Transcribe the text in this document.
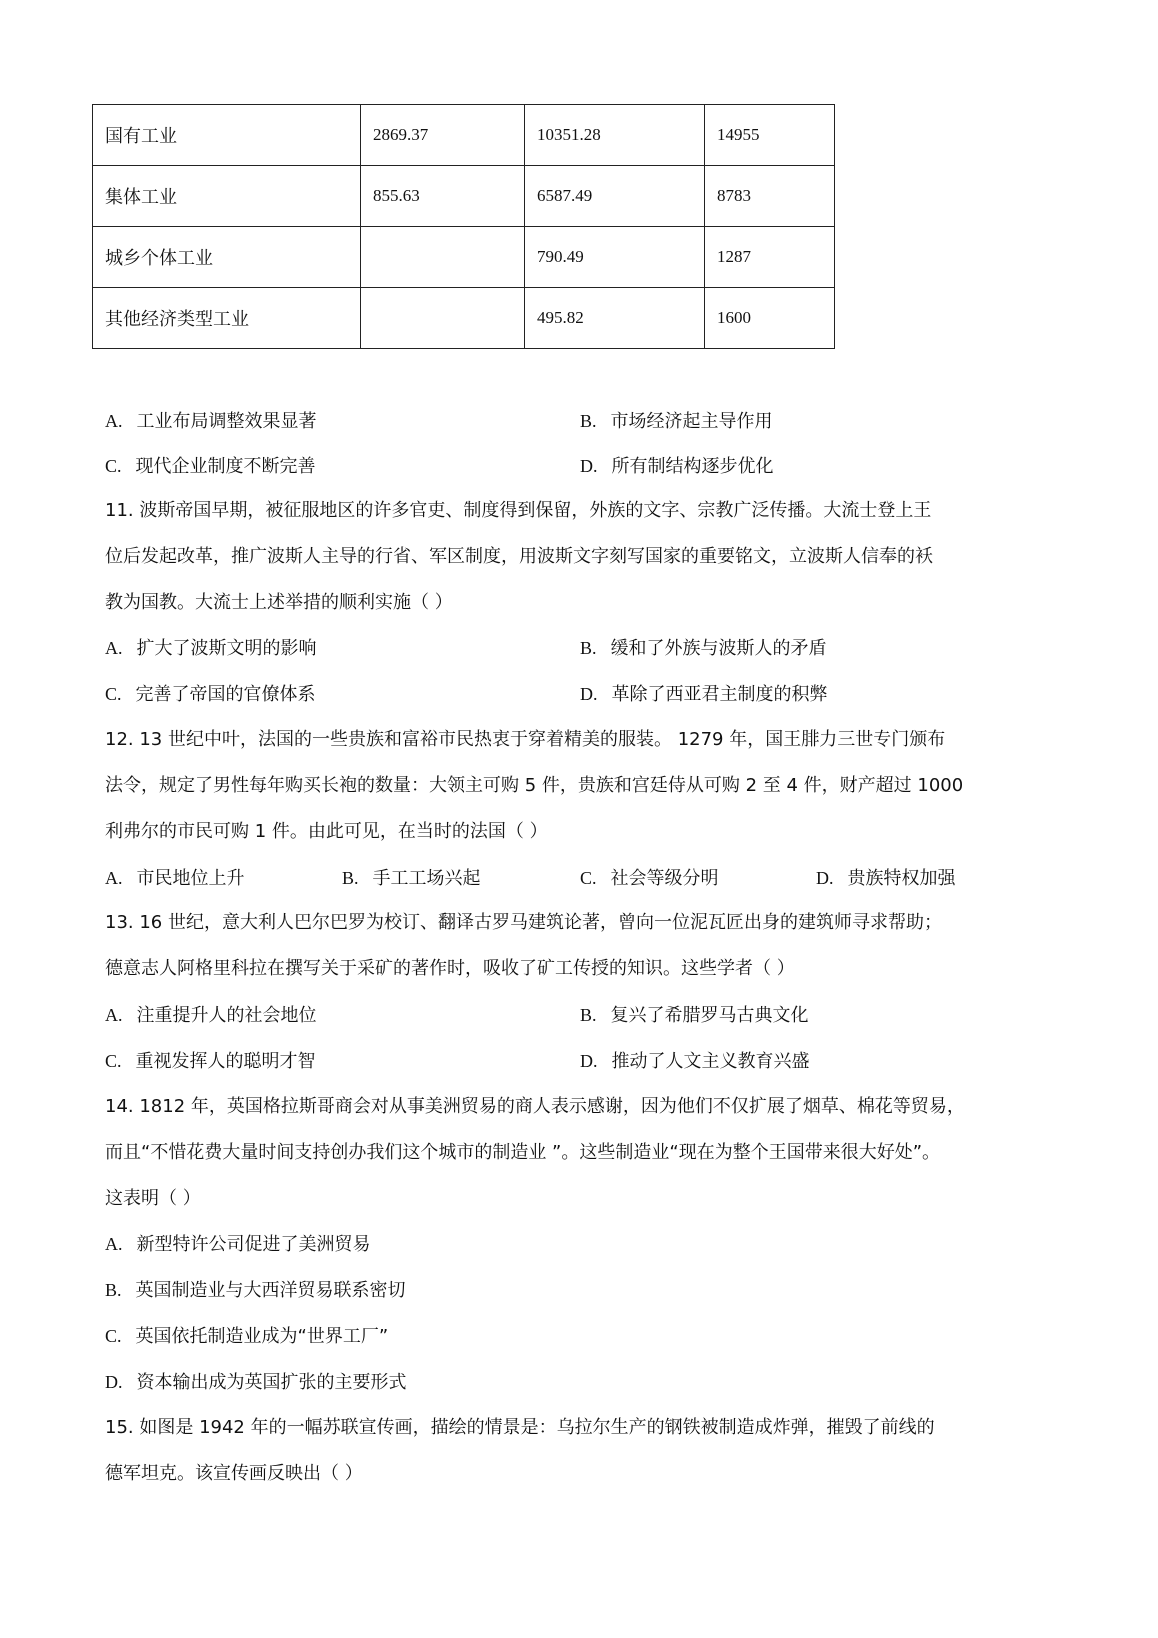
国有工业	2869.37	10351.28	14955
集体工业	855.63	6587.49	8783
城乡个体工业		790.49	1287
其他经济类型工业		495.82	1600
A. 工业布局调整效果显著	B. 市场经济起主导作用
C. 现代企业制度不断完善	D. 所有制结构逐步优化
11. 波斯帝国早期，被征服地区的许多官吏、制度得到保留，外族的文字、宗教广泛传播。大流士登上王
位后发起改革，推广波斯人主导的行省、军区制度，用波斯文字刻写国家的重要铭文，立波斯人信奉的袄
教为国教。大流士上述举措的顺利实施（ ）
A. 扩大了波斯文明的影响	B. 缓和了外族与波斯人的矛盾
C. 完善了帝国的官僚体系	D. 革除了西亚君主制度的积弊
12. 13 世纪中叶，法国的一些贵族和富裕市民热衷于穿着精美的服装。 1279 年，国王腓力三世专门颁布
法令，规定了男性每年购买长袍的数量：大领主可购 5 件，贵族和宫廷侍从可购 2 至 4 件，财产超过 1000
利弗尔的市民可购 1 件。由此可见，在当时的法国（ ）
A. 市民地位上升	B. 手工工场兴起	C. 社会等级分明	D. 贵族特权加强
13. 16 世纪，意大利人巴尔巴罗为校订、翻译古罗马建筑论著，曾向一位泥瓦匠出身的建筑师寻求帮助；
德意志人阿格里科拉在撰写关于采矿的著作时，吸收了矿工传授的知识。这些学者（ ）
A. 注重提升人的社会地位	B. 复兴了希腊罗马古典文化
C. 重视发挥人的聪明才智	D. 推动了人文主义教育兴盛
14. 1812 年，英国格拉斯哥商会对从事美洲贸易的商人表示感谢，因为他们不仅扩展了烟草、棉花等贸易，
而且“不惜花费大量时间支持创办我们这个城市的制造业 ”。这些制造业“现在为整个王国带来很大好处”。
这表明（ ）
A. 新型特许公司促进了美洲贸易
B. 英国制造业与大西洋贸易联系密切
C. 英国依托制造业成为“世界工厂”
D. 资本输出成为英国扩张的主要形式
15. 如图是 1942 年的一幅苏联宣传画，描绘的情景是：乌拉尔生产的钢铁被制造成炸弹，摧毁了前线的
德军坦克。该宣传画反映出（ ）
